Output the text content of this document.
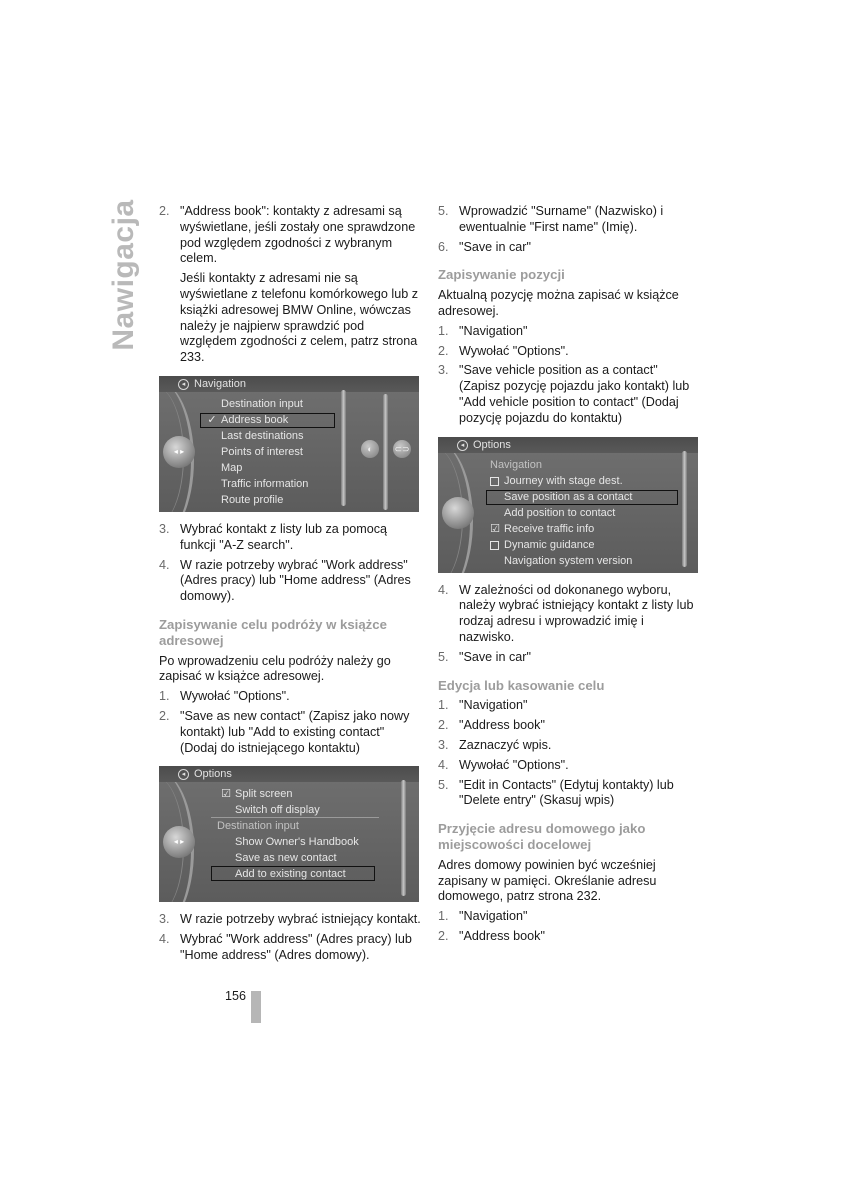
Nawigacja 2. "Address book": kontakty z adresami są wyświetlane, jeśli zostały one sprawdzone pod względem zgodności z wybranym celem.

Jeśli kontakty z adresami nie są wyświetlane z telefonu komórkowego lub z książki adresowej BMW Online, wówczas należy je najpierw sprawdzić pod względem zgodności z celem, patrz strona 233.

◂ Navigation
◂ ▸	◐	⊂⊃
Destination input
✓ Address book
Last destinations
Points of interest
Map
Traffic information
Route profile
3. Wybrać kontakt z listy lub za pomocą funkcji "A-Z search".
4. W razie potrzeby wybrać "Work address" (Adres pracy) lub "Home address" (Adres domowy).
Zapisywanie celu podróży w książce adresowej

Po wprowadzeniu celu podróży należy go zapisać w książce adresowej.

1. Wywołać "Options".
2. "Save as new contact" (Zapisz jako nowy kontakt) lub "Add to existing contact" (Dodaj do istniejącego kontaktu)
◂ Options
◂ ▸
☑ Split screen
Switch off display
Destination input
Show Owner's Handbook
Save as new contact
Add to existing contact
3. W razie potrzeby wybrać istniejący kontakt.
4. Wybrać "Work address" (Adres pracy) lub "Home address" (Adres domowy).
5. Wprowadzić "Surname" (Nazwisko) i ewentualnie "First name" (Imię).
6. "Save in car"
Zapisywanie pozycji

Aktualną pozycję można zapisać w książce adresowej.

1. "Navigation"
2. Wywołać "Options".
3. "Save vehicle position as a contact" (Zapisz pozycję pojazdu jako kontakt) lub "Add vehicle position to contact" (Dodaj pozycję pojazdu do kontaktu)
◂ Options
Navigation
Journey with stage dest.
Save position as a contact
Add position to contact
☑ Receive traffic info
Dynamic guidance
Navigation system version
4. W zależności od dokonanego wyboru, należy wybrać istniejący kontakt z listy lub rodzaj adresu i wprowadzić imię i nazwisko.
5. "Save in car"
Edycja lub kasowanie celu
1. "Navigation"
2. "Address book"
3. Zaznaczyć wpis.
4. Wywołać "Options".
5. "Edit in Contacts" (Edytuj kontakty) lub "Delete entry" (Skasuj wpis)
Przyjęcie adresu domowego jako miejscowości docelowej

Adres domowy powinien być wcześniej zapisany w pamięci. Określanie adresu domowego, patrz strona 232.

1. "Navigation"
2. "Address book"
156
